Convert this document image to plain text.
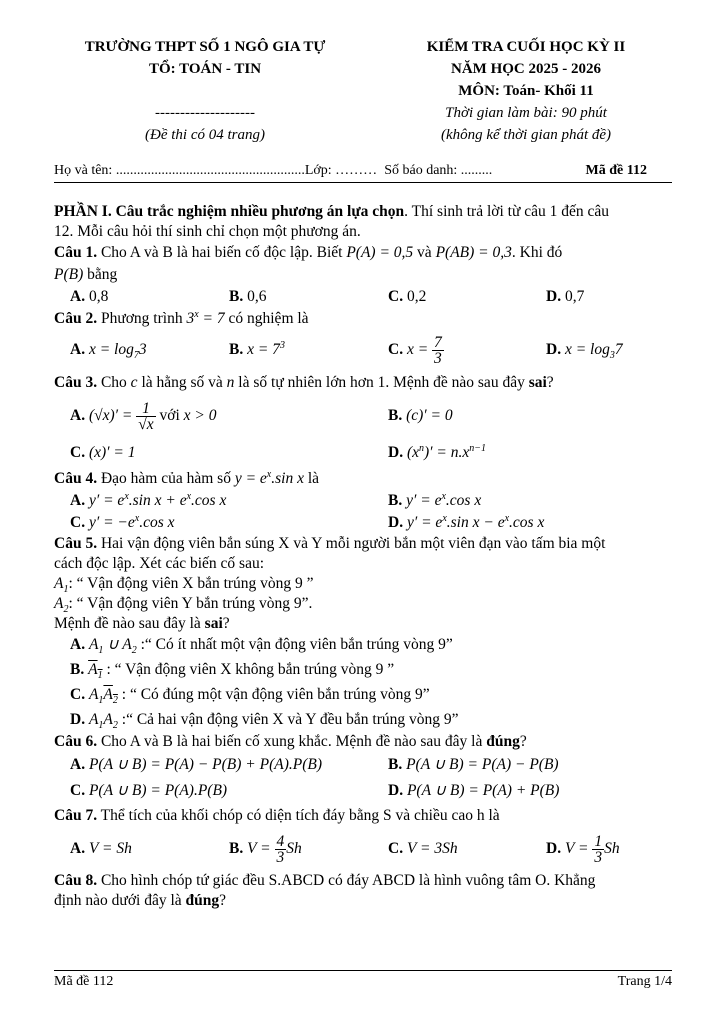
TRƯỜNG THPT SỐ 1 NGÔ GIA TỰ
TỔ: TOÁN - TIN
--------------------
(Đề thi có 04 trang)
KIỂM TRA CUỐI HỌC KỲ II
NĂM HỌC 2025 - 2026
MÔN: Toán- Khối 11
Thời gian làm bài: 90 phút
(không kể thời gian phát đề)
Họ và tên: ......................................................Lớp: ……… Số báo danh: .........	Mã đề 112

PHẦN I. Câu trắc nghiệm nhiều phương án lựa chọn. Thí sinh trả lời từ câu 1 đến câu

12. Mỗi câu hỏi thí sinh chỉ chọn một phương án.

Câu 1. Cho A và B là hai biến cố độc lập. Biết P(A) = 0,5 và P(AB) = 0,3. Khi đó

P(B) bằng

A. 0,8	B. 0,6	C. 0,2	D. 0,7

Câu 2. Phương trình $3^x = 7$ có nghiệm là

A. $x = \log_73$	B. $x = 7^3$	C. $x = \frac{7}{3}$	D. $x = \log_37$

Câu 3. Cho c là hằng số và n là số tự nhiên lớn hơn 1. Mệnh đề nào sau đây sai?

A. $(√x)' = \frac{1}{√x}$ với x > 0	B. (c)′ = 0
C. (x)′ = 1	D. $(x^n)' = n.x^{n-1}$

Câu 4. Đạo hàm của hàm số $y = e^x.\sin$ x là

A. $y' = e^x.\sin$ $x + e^x.\cos$ x	B. $y' = e^x.\cos$ x
C. $y' = -e^x.\cos$ x	D. $y' = e^x.\sin$ $x - e^x.\cos$ x

Câu 5. Hai vận động viên bắn súng X và Y mỗi người bắn một viên đạn vào tấm bia một

cách độc lập. Xét các biến cố sau:

$A_1$: “ Vận động viên X bắn trúng vòng 9 ”

$A_2$: “ Vận động viên Y bắn trúng vòng 9”.

Mệnh đề nào sau đây là sai?

A. $A_1$ ∪ $A_2$ :“ Có ít nhất một vận động viên bắn trúng vòng 9”

B. $A_1$ : “ Vận động viên X không bắn trúng vòng 9 ”

C. $A_1A_2$ : “ Có đúng một vận động viên bắn trúng vòng 9”

D. $A_1A_2$ :“ Cả hai vận động viên X và Y đều bắn trúng vòng 9”

Câu 6. Cho A và B là hai biến cố xung khắc. Mệnh đề nào sau đây là đúng?

A. P(A ∪ B) = P(A) − P(B) + P(A).P(B)	B. P(A ∪ B) = P(A) − P(B)
C. P(A ∪ B) = P(A).P(B)	D. P(A ∪ B) = P(A) + P(B)

Câu 7. Thể tích của khối chóp có diện tích đáy bằng S và chiều cao h là

A. V = Sh	B. $V = \frac{4}{3}$ Sh	C. V = 3Sh	D. $V = \frac{1}{3}$ Sh

Câu 8. Cho hình chóp tứ giác đều S.ABCD có đáy ABCD là hình vuông tâm O. Khẳng

định nào dưới đây là đúng?

Mã đề 112	Trang 1/4
